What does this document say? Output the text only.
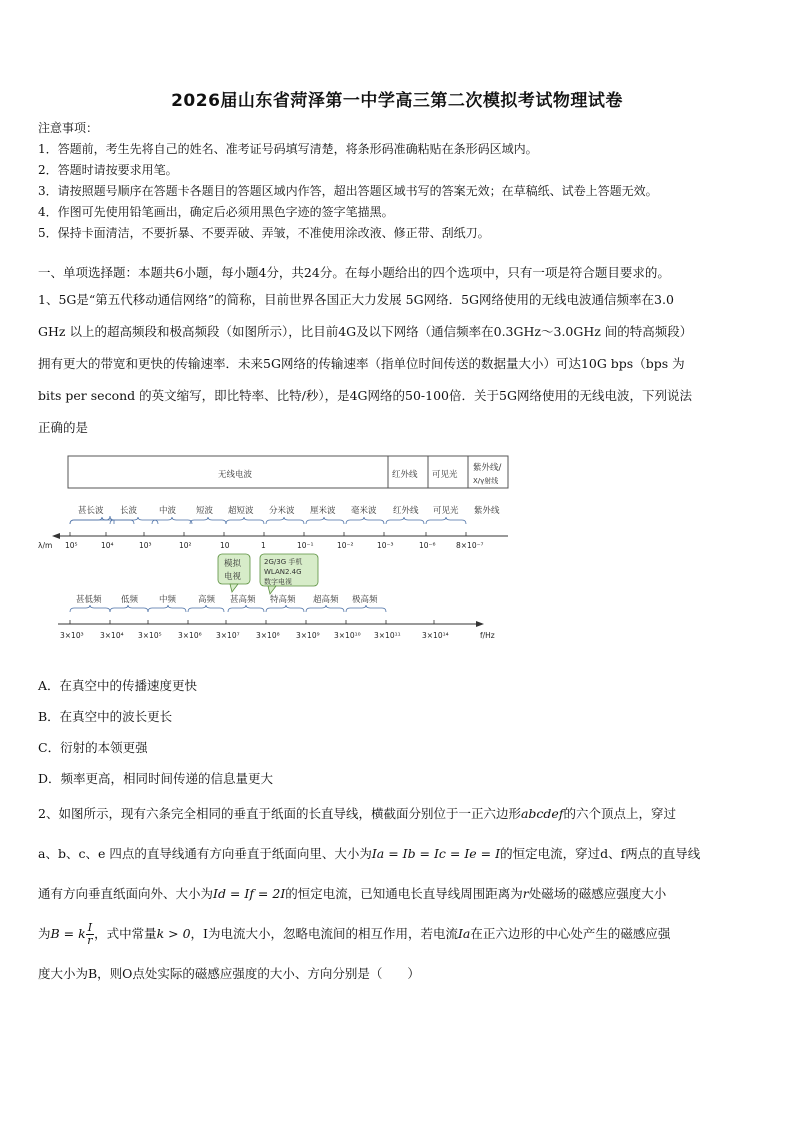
2026届山东省菏泽第一中学高三第二次模拟考试物理试卷
注意事项：
1．答题前，考生先将自己的姓名、准考证号码填写清楚，将条形码准确粘贴在条形码区域内。
2．答题时请按要求用笔。
3．请按照题号顺序在答题卡各题目的答题区域内作答，超出答题区域书写的答案无效；在草稿纸、试卷上答题无效。
4．作图可先使用铅笔画出，确定后必须用黑色字迹的签字笔描黑。
5．保持卡面清洁，不要折暴、不要弄破、弄皱，不准使用涂改液、修正带、刮纸刀。
一、单项选择题：本题共6小题，每小题4分，共24分。在每小题给出的四个选项中，只有一项是符合题目要求的。
1、5G是“第五代移动通信网络”的简称，目前世界各国正大力发展 5G网络．5G网络使用的无线电波通信频率在3.0
GHz 以上的超高频段和极高频段（如图所示），比目前4G及以下网络（通信频率在0.3GHz～3.0GHz 间的特高频段）
拥有更大的带宽和更快的传输速率．未来5G网络的传输速率（指单位时间传送的数据量大小）可达10G bps（bps 为
bits per second 的英文缩写，即比特率、比特/秒），是4G网络的50-100倍．关于5G网络使用的无线电波，下列说法
正确的是
无线电波	红外线 可见光
紫外线/
X/γ射线
甚长波 长波	中波 短波 超短波 分米波 厘米波 毫米波 红外线 可见光 紫外线
λ/m 10⁵	10⁴	10³	10²	10	1	10⁻¹	10⁻²	10⁻³	10⁻⁶	8×10⁻⁷
模拟
电视
2G/3G 手机
WLAN2.4G
数字电视
甚低频 低频 中频	高频 甚高频 特高频 超高频 极高频
3×10³ 3×10⁴ 3×10⁵ 3×10⁶ 3×10⁷ 3×10⁸ 3×10⁹ 3×10¹⁰ 3×10¹¹	3×10¹⁴	f/Hz
A．在真空中的传播速度更快
B．在真空中的波长更长
C．衍射的本领更强
D．频率更高，相同时间传递的信息量更大

2、如图所示，现有六条完全相同的垂直于纸面的长直导线，横截面分别位于一正六边形abcdef的六个顶点上，穿过

a、b、c、e 四点的直导线通有方向垂直于纸面向里、大小为Ia = Ib = Ic = Ie = I的恒定电流，穿过d、f两点的直导线

通有方向垂直纸面向外、大小为Id = If = 2I的恒定电流，已知通电长直导线周围距离为r处磁场的磁感应强度大小

为B = k $\frac{I}{r}$ ，式中常量k > 0，I为电流大小，忽略电流间的相互作用，若电流Ia在正六边形的中心处产生的磁感应强

度大小为B，则O点处实际的磁感应强度的大小、方向分别是（　　）
